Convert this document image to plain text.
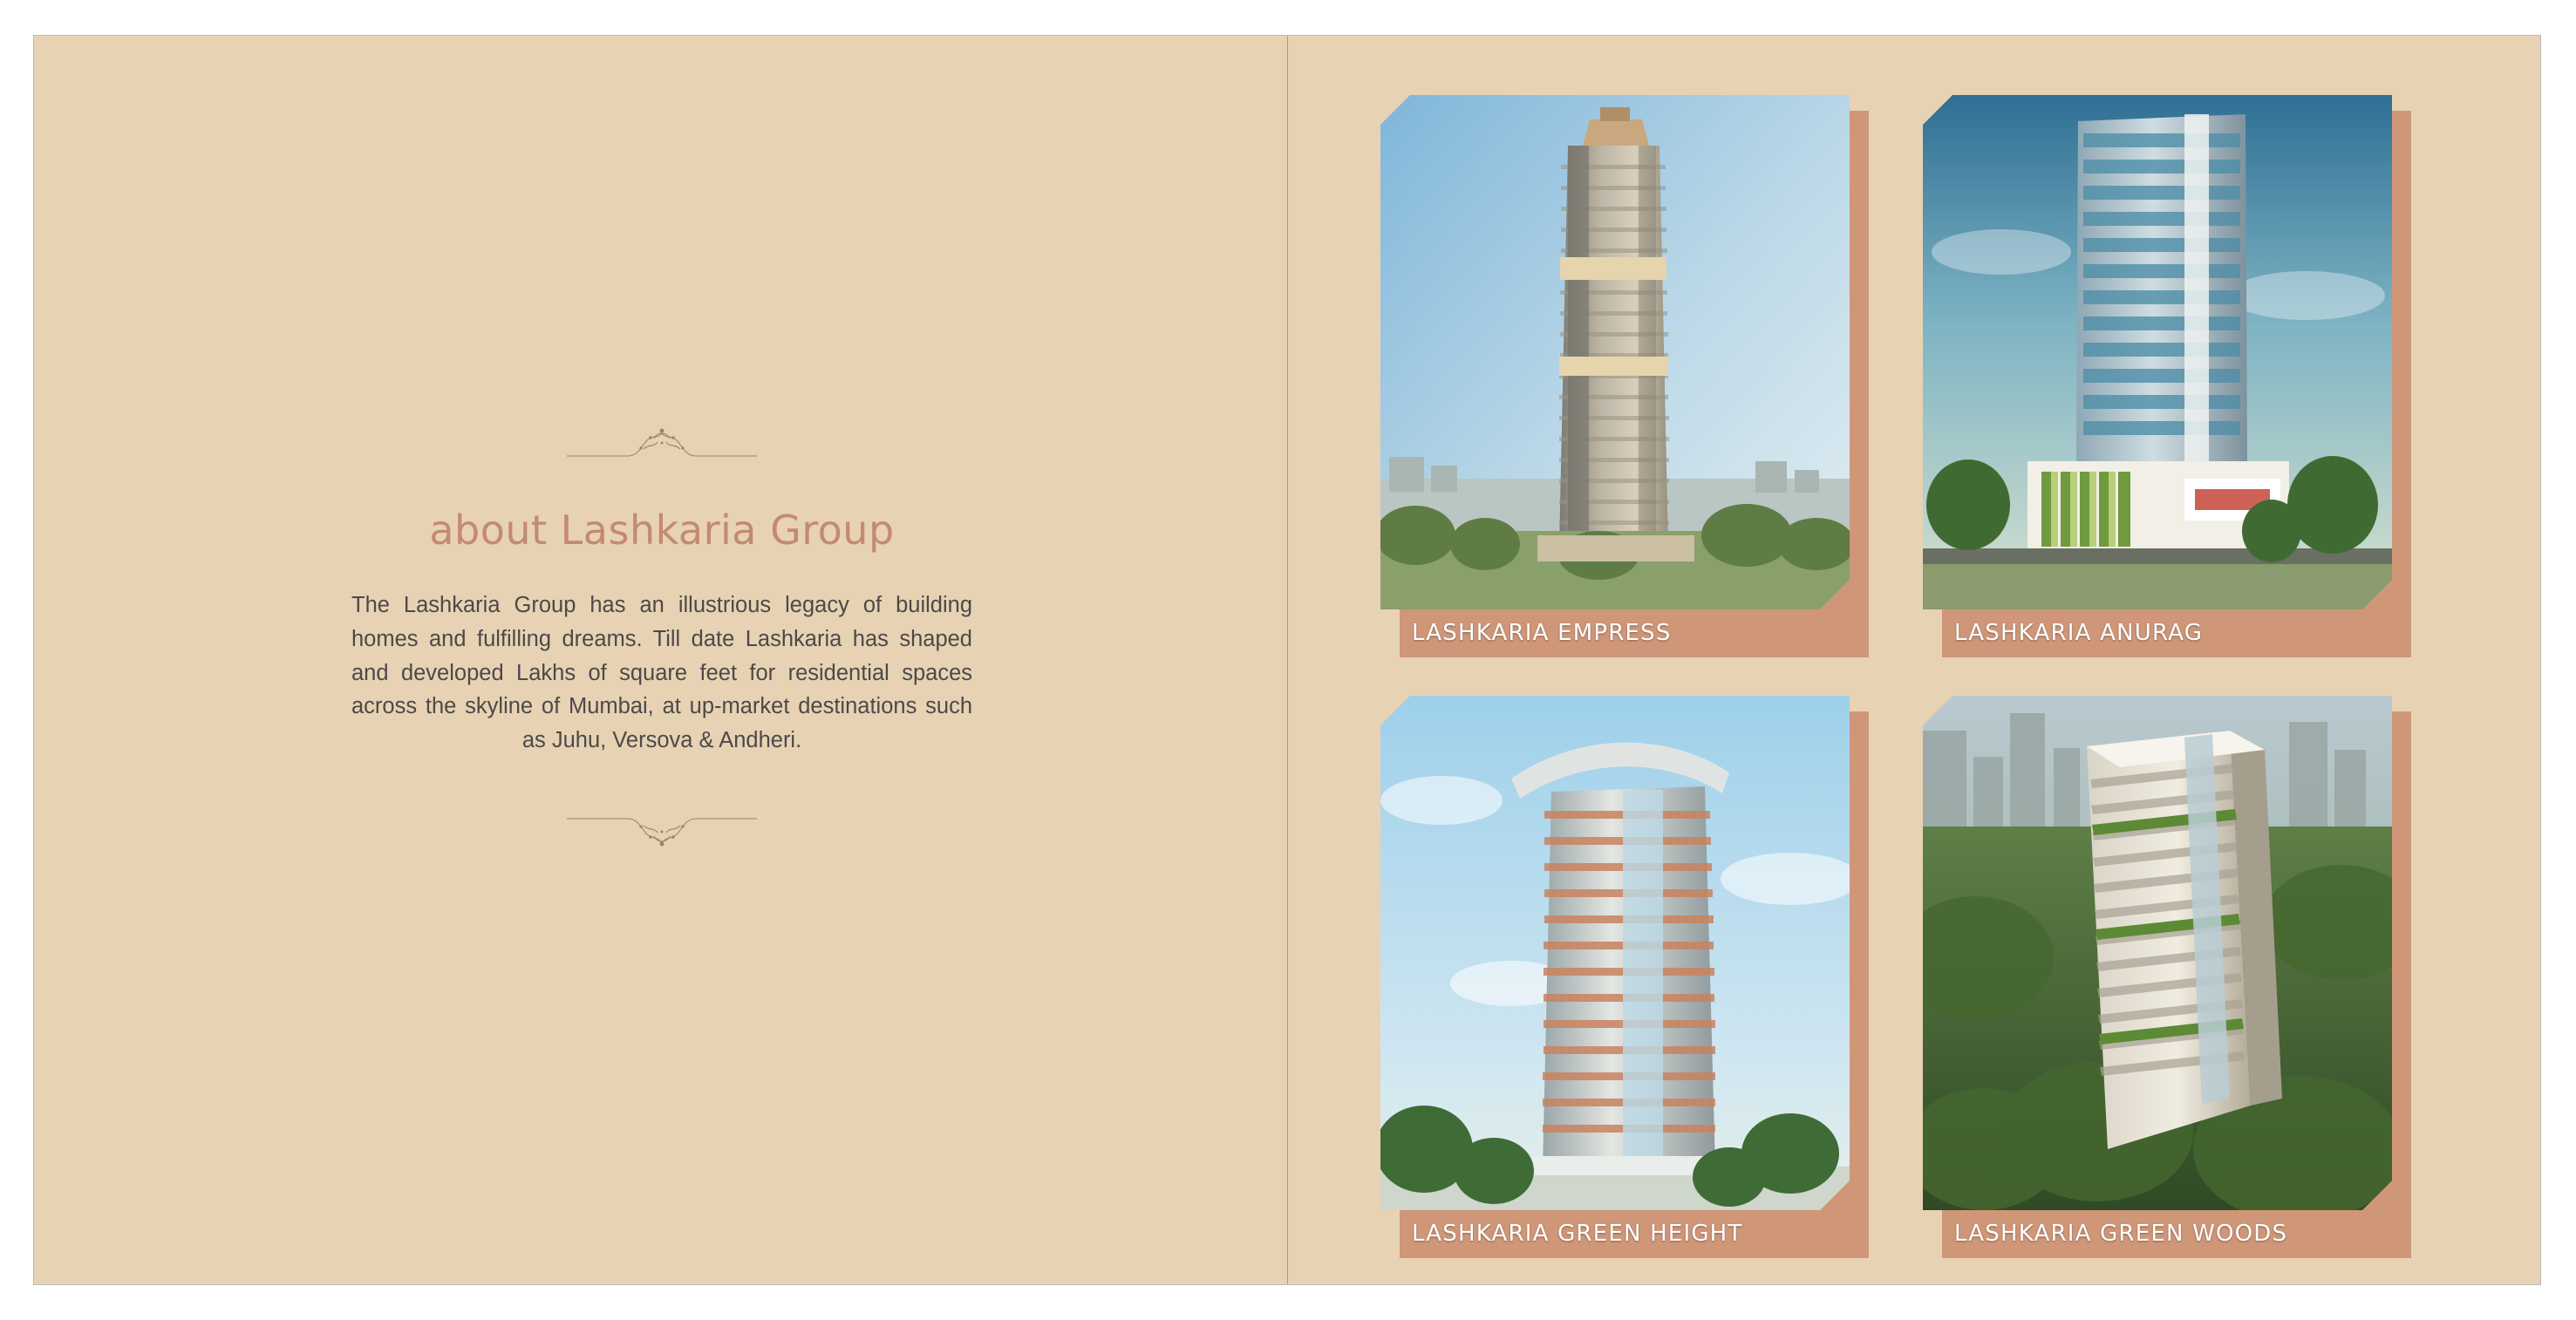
about Lashkaria Group
The Lashkaria Group has an illustrious legacy of building homes and fulfilling dreams. Till date Lashkaria has shaped and developed Lakhs of square feet for residential spaces across the skyline of Mumbai, at up-market destinations such as Juhu, Versova & Andheri.
LASHKARIA EMPRESS	LASHKARIA ANURAG
LASHKARIA GREEN HEIGHT	LASHKARIA GREEN WOODS
